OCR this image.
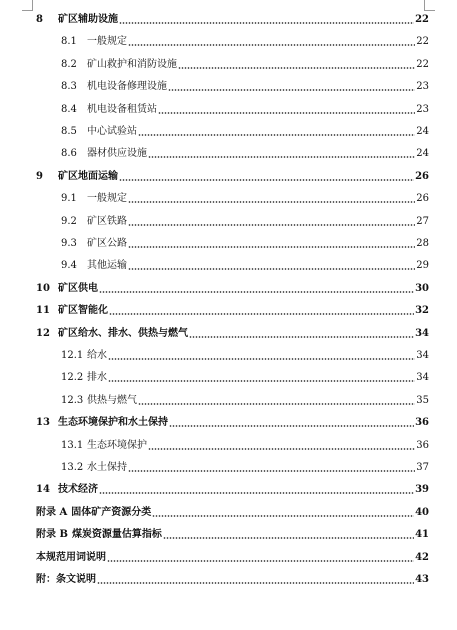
8	矿区辅助设施	22
8.1	一般规定	22
8.2	矿山救护和消防设施	22
8.3	机电设备修理设施	23
8.4	机电设备租赁站	23
8.5	中心试验站	24
8.6	器材供应设施	24
9	矿区地面运输	26
9.1	一般规定	26
9.2	矿区铁路	27
9.3	矿区公路	28
9.4	其他运输	29
10 矿区供电	30
11 矿区智能化	32
12 矿区给水、排水、供热与燃气	34
12.1 给水	34
12.2 排水	34
12.3 供热与燃气	35
13 生态环境保护和水土保持	36
13.1 生态环境保护	36
13.2 水土保持	37
14 技术经济	39
附录 A 固体矿产资源分类	40
附录 B 煤炭资源量估算指标	41
本规范用词说明	42
附：条文说明	43
